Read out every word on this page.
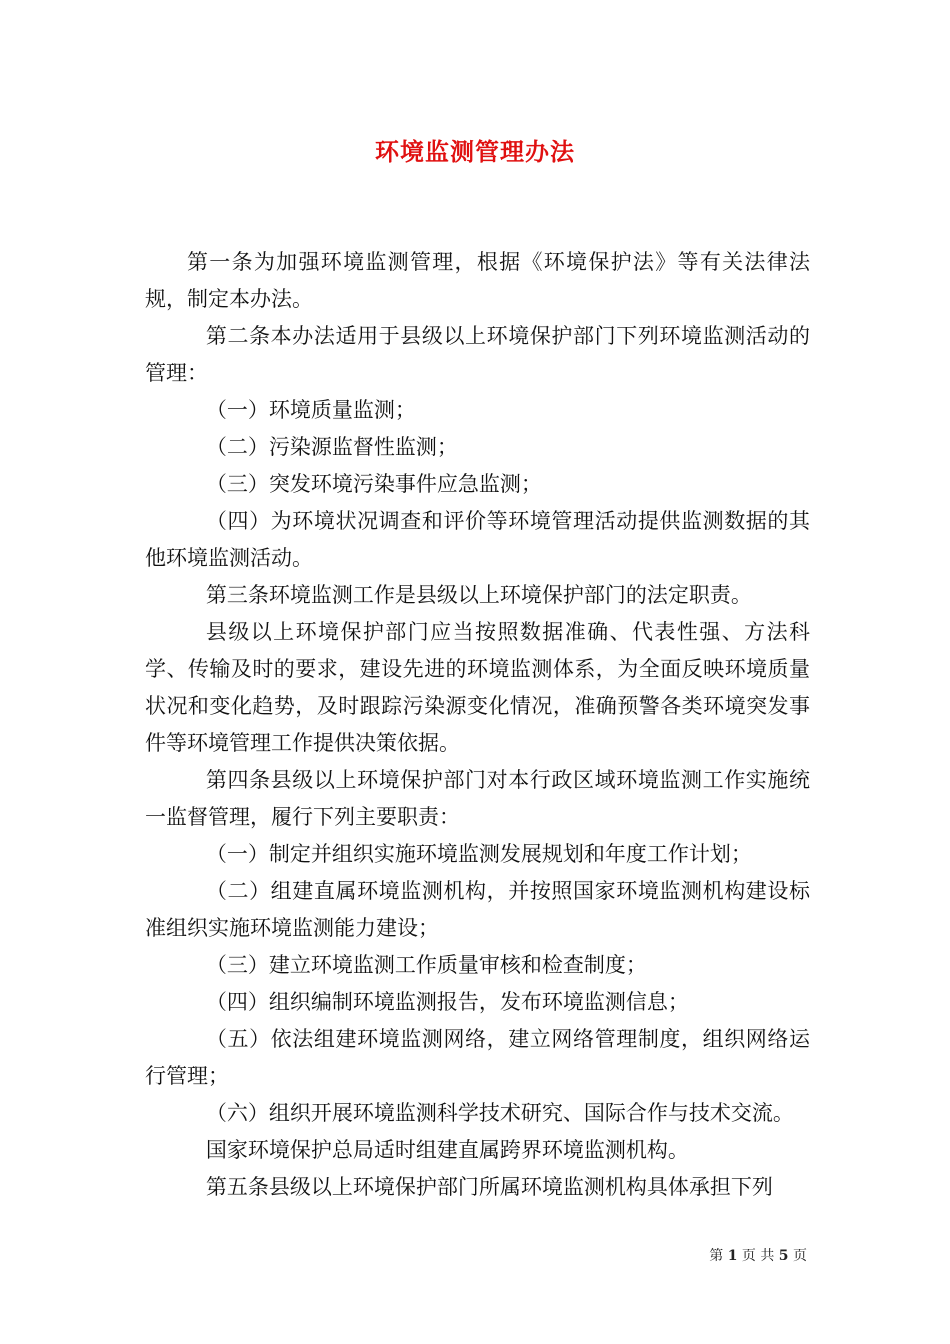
环境监测管理办法

第一条为加强环境监测管理，根据《环境保护法》等有关法律法规，制定本办法。

第二条本办法适用于县级以上环境保护部门下列环境监测活动的管理：

（一）环境质量监测；

（二）污染源监督性监测；

（三）突发环境污染事件应急监测；

（四）为环境状况调查和评价等环境管理活动提供监测数据的其他环境监测活动。

第三条环境监测工作是县级以上环境保护部门的法定职责。

县级以上环境保护部门应当按照数据准确、代表性强、方法科学、传输及时的要求，建设先进的环境监测体系，为全面反映环境质量状况和变化趋势，及时跟踪污染源变化情况，准确预警各类环境突发事件等环境管理工作提供决策依据。

第四条县级以上环境保护部门对本行政区域环境监测工作实施统一监督管理，履行下列主要职责：

（一）制定并组织实施环境监测发展规划和年度工作计划；

（二）组建直属环境监测机构，并按照国家环境监测机构建设标准组织实施环境监测能力建设；

（三）建立环境监测工作质量审核和检查制度；

（四）组织编制环境监测报告，发布环境监测信息；

（五）依法组建环境监测网络，建立网络管理制度，组织网络运行管理；

（六）组织开展环境监测科学技术研究、国际合作与技术交流。

国家环境保护总局适时组建直属跨界环境监测机构。

第五条县级以上环境保护部门所属环境监测机构具体承担下列

第 1 页 共 5 页
